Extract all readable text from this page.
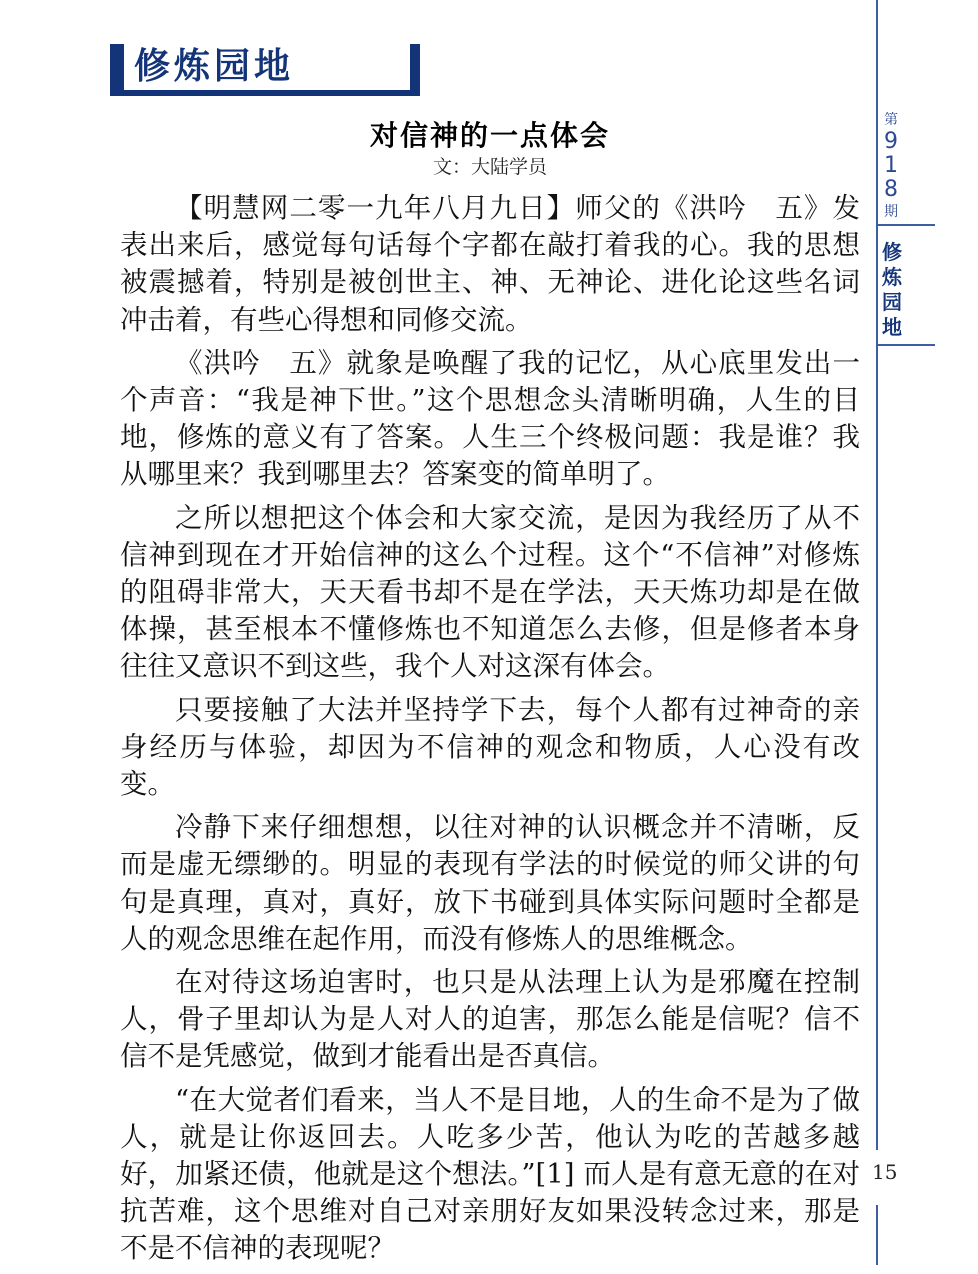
修炼园地
对信神的一点体会
文：大陆学员

【明慧网二零一九年八月九日】师父的《洪吟　五》发表出来后，感觉每句话每个字都在敲打着我的心。我的思想被震撼着，特别是被创世主、神、无神论、进化论这些名词冲击着，有些心得想和同修交流。

《洪吟　五》就象是唤醒了我的记忆，从心底里发出一个声音：“我是神下世。”这个思想念头清晰明确，人生的目地，修炼的意义有了答案。人生三个终极问题：我是谁？我从哪里来？我到哪里去？答案变的简单明了。

之所以想把这个体会和大家交流，是因为我经历了从不信神到现在才开始信神的这么个过程。这个“不信神”对修炼的阻碍非常大，天天看书却不是在学法，天天炼功却是在做体操，甚至根本不懂修炼也不知道怎么去修，但是修者本身往往又意识不到这些，我个人对这深有体会。

只要接触了大法并坚持学下去，每个人都有过神奇的亲身经历与体验，却因为不信神的观念和物质，人心没有改变。

冷静下来仔细想想，以往对神的认识概念并不清晰，反而是虚无缥缈的。明显的表现有学法的时候觉的师父讲的句句是真理，真对，真好，放下书碰到具体实际问题时全都是人的观念思维在起作用，而没有修炼人的思维概念。

在对待这场迫害时，也只是从法理上认为是邪魔在控制人，骨子里却认为是人对人的迫害，那怎么能是信呢？信不信不是凭感觉，做到才能看出是否真信。

“在大觉者们看来，当人不是目地，人的生命不是为了做人，就是让你返回去。人吃多少苦，他认为吃的苦越多越好，加紧还债，他就是这个想法。”[1] 而人是有意无意的在对抗苦难，这个思维对自己对亲朋好友如果没转念过来，那是不是不信神的表现呢？

第
9
1
8
期
修
炼
园
地
15
